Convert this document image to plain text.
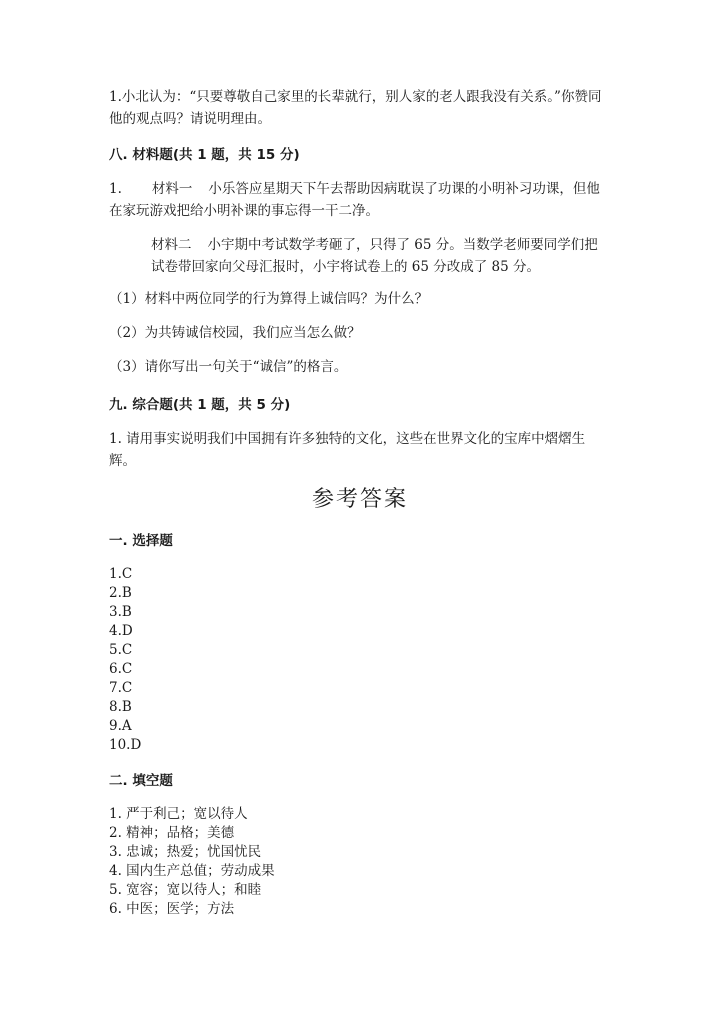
1.小北认为：“只要尊敬自己家里的长辈就行，别人家的老人跟我没有关系。”你赞同他的观点吗？请说明理由。

八. 材料题(共 1 题，共 15 分)

1. 材料一 小乐答应星期天下午去帮助因病耽误了功课的小明补习功课，但他在家玩游戏把给小明补课的事忘得一干二净。

材料二 小宇期中考试数学考砸了，只得了 65 分。当数学老师要同学们把试卷带回家向父母汇报时，小宇将试卷上的 65 分改成了 85 分。

（1）材料中两位同学的行为算得上诚信吗？为什么？

（2）为共铸诚信校园，我们应当怎么做？

（3）请你写出一句关于“诚信”的格言。

九. 综合题(共 1 题，共 5 分)

1. 请用事实说明我们中国拥有许多独特的文化，这些在世界文化的宝库中熠熠生辉。

参考答案

一. 选择题

1.C
2.B
3.B
4.D
5.C
6.C
7.C
8.B
9.A
10.D

二. 填空题

1. 严于利己；宽以待人
2. 精神；品格；美德
3. 忠诚；热爱；忧国忧民
4. 国内生产总值；劳动成果
5. 宽容；宽以待人；和睦
6. 中医；医学；方法
